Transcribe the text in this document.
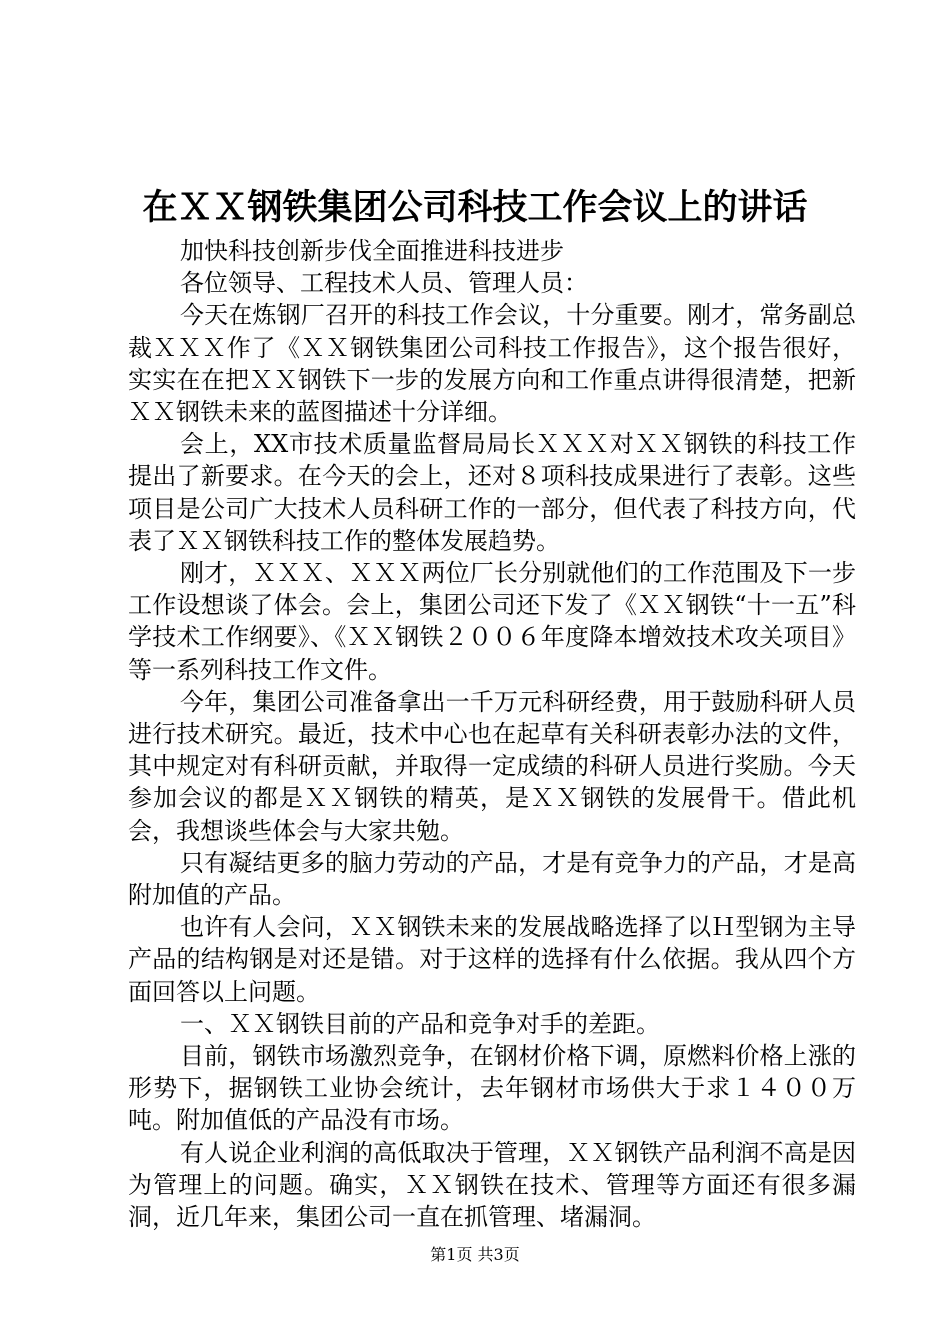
在ＸＸ钢铁集团公司科技工作会议上的讲话

加快科技创新步伐全面推进科技进步

各位领导、工程技术人员、管理人员：

今天在炼钢厂召开的科技工作会议，十分重要。刚才，常务副总裁ＸＸＸ作了《ＸＸ钢铁集团公司科技工作报告》，这个报告很好，实实在在把ＸＸ钢铁下一步的发展方向和工作重点讲得很清楚，把新ＸＸ钢铁未来的蓝图描述十分详细。

会上，XX市技术质量监督局局长ＸＸＸ对ＸＸ钢铁的科技工作提出了新要求。在今天的会上，还对８项科技成果进行了表彰。这些项目是公司广大技术人员科研工作的一部分，但代表了科技方向，代表了ＸＸ钢铁科技工作的整体发展趋势。

刚才，ＸＸＸ、ＸＸＸ两位厂长分别就他们的工作范围及下一步工作设想谈了体会。会上，集团公司还下发了《ＸＸ钢铁“十一五”科学技术工作纲要》、《ＸＸ钢铁２００６年度降本增效技术攻关项目》等一系列科技工作文件。

今年，集团公司准备拿出一千万元科研经费，用于鼓励科研人员进行技术研究。最近，技术中心也在起草有关科研表彰办法的文件，其中规定对有科研贡献，并取得一定成绩的科研人员进行奖励。今天参加会议的都是ＸＸ钢铁的精英，是ＸＸ钢铁的发展骨干。借此机会，我想谈些体会与大家共勉。

只有凝结更多的脑力劳动的产品，才是有竞争力的产品，才是高附加值的产品。

也许有人会问，ＸＸ钢铁未来的发展战略选择了以Ｈ型钢为主导产品的结构钢是对还是错。对于这样的选择有什么依据。我从四个方面回答以上问题。

一、ＸＸ钢铁目前的产品和竞争对手的差距。

目前，钢铁市场激烈竞争，在钢材价格下调，原燃料价格上涨的形势下，据钢铁工业协会统计，去年钢材市场供大于求１４００万吨。附加值低的产品没有市场。

有人说企业利润的高低取决于管理，ＸＸ钢铁产品利润不高是因为管理上的问题。确实，ＸＸ钢铁在技术、管理等方面还有很多漏洞，近几年来，集团公司一直在抓管理、堵漏洞。

第1页 共3页
